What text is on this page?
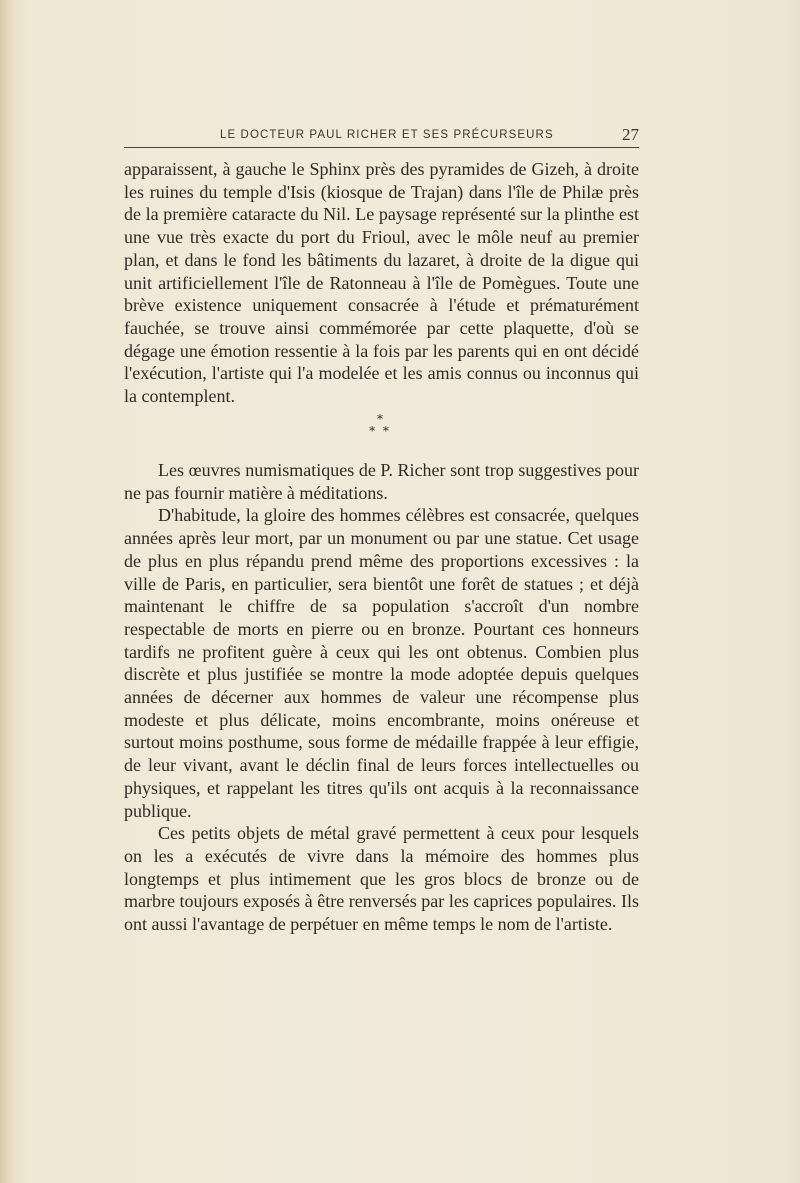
LE DOCTEUR PAUL RICHER ET SES PRÉCURSEURS	27

apparaissent, à gauche le Sphinx près des pyramides de Gizeh, à droite les ruines du temple d'Isis (kiosque de Trajan) dans l'île de Philæ près de la première cataracte du Nil. Le paysage représenté sur la plinthe est une vue très exacte du port du Frioul, avec le môle neuf au premier plan, et dans le fond les bâtiments du lazaret, à droite de la digue qui unit artificiellement l'île de Ratonneau à l'île de Pomègues. Toute une brève existence uniquement consacrée à l'étude et prématurément fauchée, se trouve ainsi commémorée par cette plaquette, d'où se dégage une émotion ressentie à la fois par les parents qui en ont décidé l'exécution, l'artiste qui l'a modelée et les amis connus ou inconnus qui la contemplent.

*
* *

Les œuvres numismatiques de P. Richer sont trop suggestives pour ne pas fournir matière à méditations.

D'habitude, la gloire des hommes célèbres est consacrée, quelques années après leur mort, par un monument ou par une statue. Cet usage de plus en plus répandu prend même des proportions excessives : la ville de Paris, en particulier, sera bientôt une forêt de statues ; et déjà maintenant le chiffre de sa population s'accroît d'un nombre respectable de morts en pierre ou en bronze. Pourtant ces honneurs tardifs ne profitent guère à ceux qui les ont obtenus. Combien plus discrète et plus justifiée se montre la mode adoptée depuis quelques années de décerner aux hommes de valeur une récompense plus modeste et plus délicate, moins encombrante, moins onéreuse et surtout moins posthume, sous forme de médaille frappée à leur effigie, de leur vivant, avant le déclin final de leurs forces intellectuelles ou physiques, et rappelant les titres qu'ils ont acquis à la reconnaissance publique.

Ces petits objets de métal gravé permettent à ceux pour lesquels on les a exécutés de vivre dans la mémoire des hommes plus longtemps et plus intimement que les gros blocs de bronze ou de marbre toujours exposés à être renversés par les caprices populaires. Ils ont aussi l'avantage de perpétuer en même temps le nom de l'artiste.
